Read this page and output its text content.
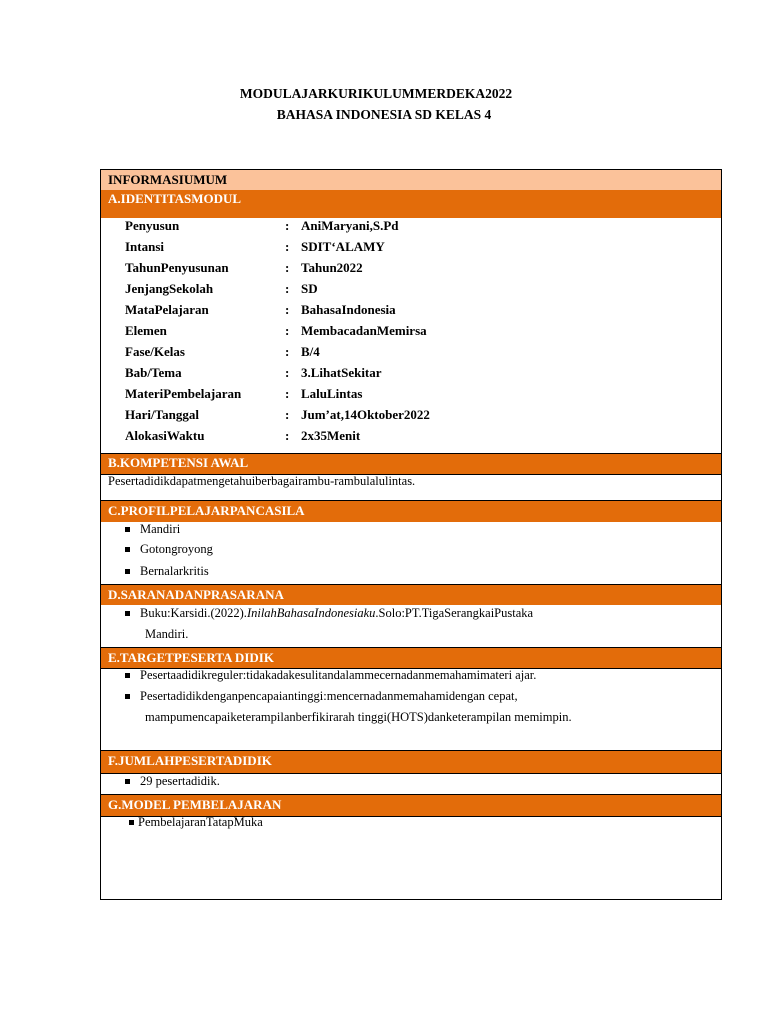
MODULAJARKURIKULUMMERDEKA2022
BAHASA INDONESIA SD KELAS 4
INFORMASIUMUM
A.IDENTITASMODUL
Penyusun	: AniMaryani,S.Pd
Intansi	: SDIT‘ALAMY
TahunPenyusunan	: Tahun2022
JenjangSekolah	: SD
MataPelajaran	: BahasaIndonesia
Elemen	: MembacadanMemirsa
Fase/Kelas	: B/4
Bab/Tema	: 3.LihatSekitar
MateriPembelajaran	: LaluLintas
Hari/Tanggal	: Jum’at,14Oktober2022
AlokasiWaktu	: 2x35Menit
B.KOMPETENSI AWAL
Pesertadidikdapatmengetahuiberbagairambu-rambulalulintas.
C.PROFILPELAJARPANCASILA
Mandiri
Gotongroyong
Bernalarkritis
D.SARANADANPRASARANA
Buku:Karsidi.(2022).InilahBahasaIndonesiaku.Solo:PT.TigaSerangkaiPustaka
Mandiri.
E.TARGETPESERTA DIDIK
Pesertaadidikreguler:tidakadakesulitandalammecernadanmemahamimateri ajar.
Pesertadidikdenganpencapaiantinggi:mencernadanmemahamidengan cepat,
mampumencapaiketerampilanberfikirarah tinggi(HOTS)danketerampilan memimpin.
F.JUMLAHPESERTADIDIK
29 pesertadidik.
G.MODEL PEMBELAJARAN
PembelajaranTatapMuka
